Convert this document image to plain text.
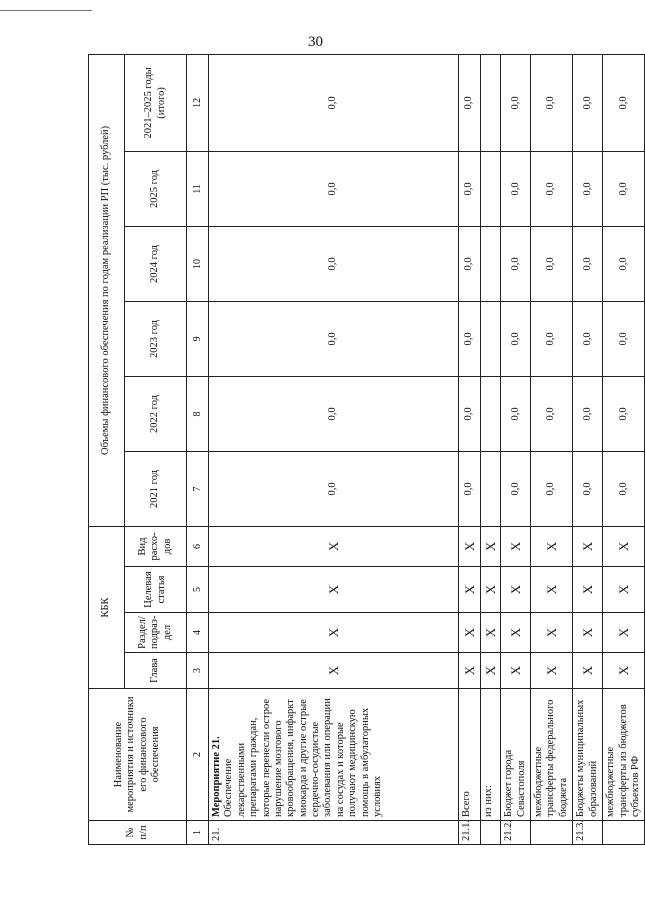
30
№ п/п	Наименование мероприятия и источники его финансового обеспечения	КБК				Объемы финансового обеспечения по годам реализации РП (тыс. рублей)					
		Глава	Раздел/ подраз- дел	Целевая статья	Вид расхо- дов	2021 год	2022 год	2023 год	2024 год	2025 год	2021–2025 годы (итого)
1	2	3	4	5	6	7	8	9	10	11	12
21.	Мероприятие 21. Обеспечение лекарственными препаратами граждан, которые перенесли острое нарушение мозгового кровообращения, инфаркт миокарда и другие острые сердечно-сосудистые заболевания или операции на сосудах и которые получают медицинскую помощь в амбулаторных условиях	X	X	X	X	0,0	0,0	0,0	0,0	0,0	0,0
21.1.	Всего	X	X	X	X	0,0	0,0	0,0	0,0	0,0	0,0

	из них:	X	X	X	X						
21.2.	Бюджет города Севастополя	X	X	X	X	0,0	0,0	0,0	0,0	0,0	0,0

	межбюджетные трансферты федерального бюджета	X	X	X	X	0,0	0,0	0,0	0,0	0,0	0,0
21.3.	Бюджеты муниципальных образований	X	X	X	X	0,0	0,0	0,0	0,0	0,0	0,0

	межбюджетные трансферты из бюджетов субъектов РФ	X	X	X	X	0,0	0,0	0,0	0,0	0,0	0,0
